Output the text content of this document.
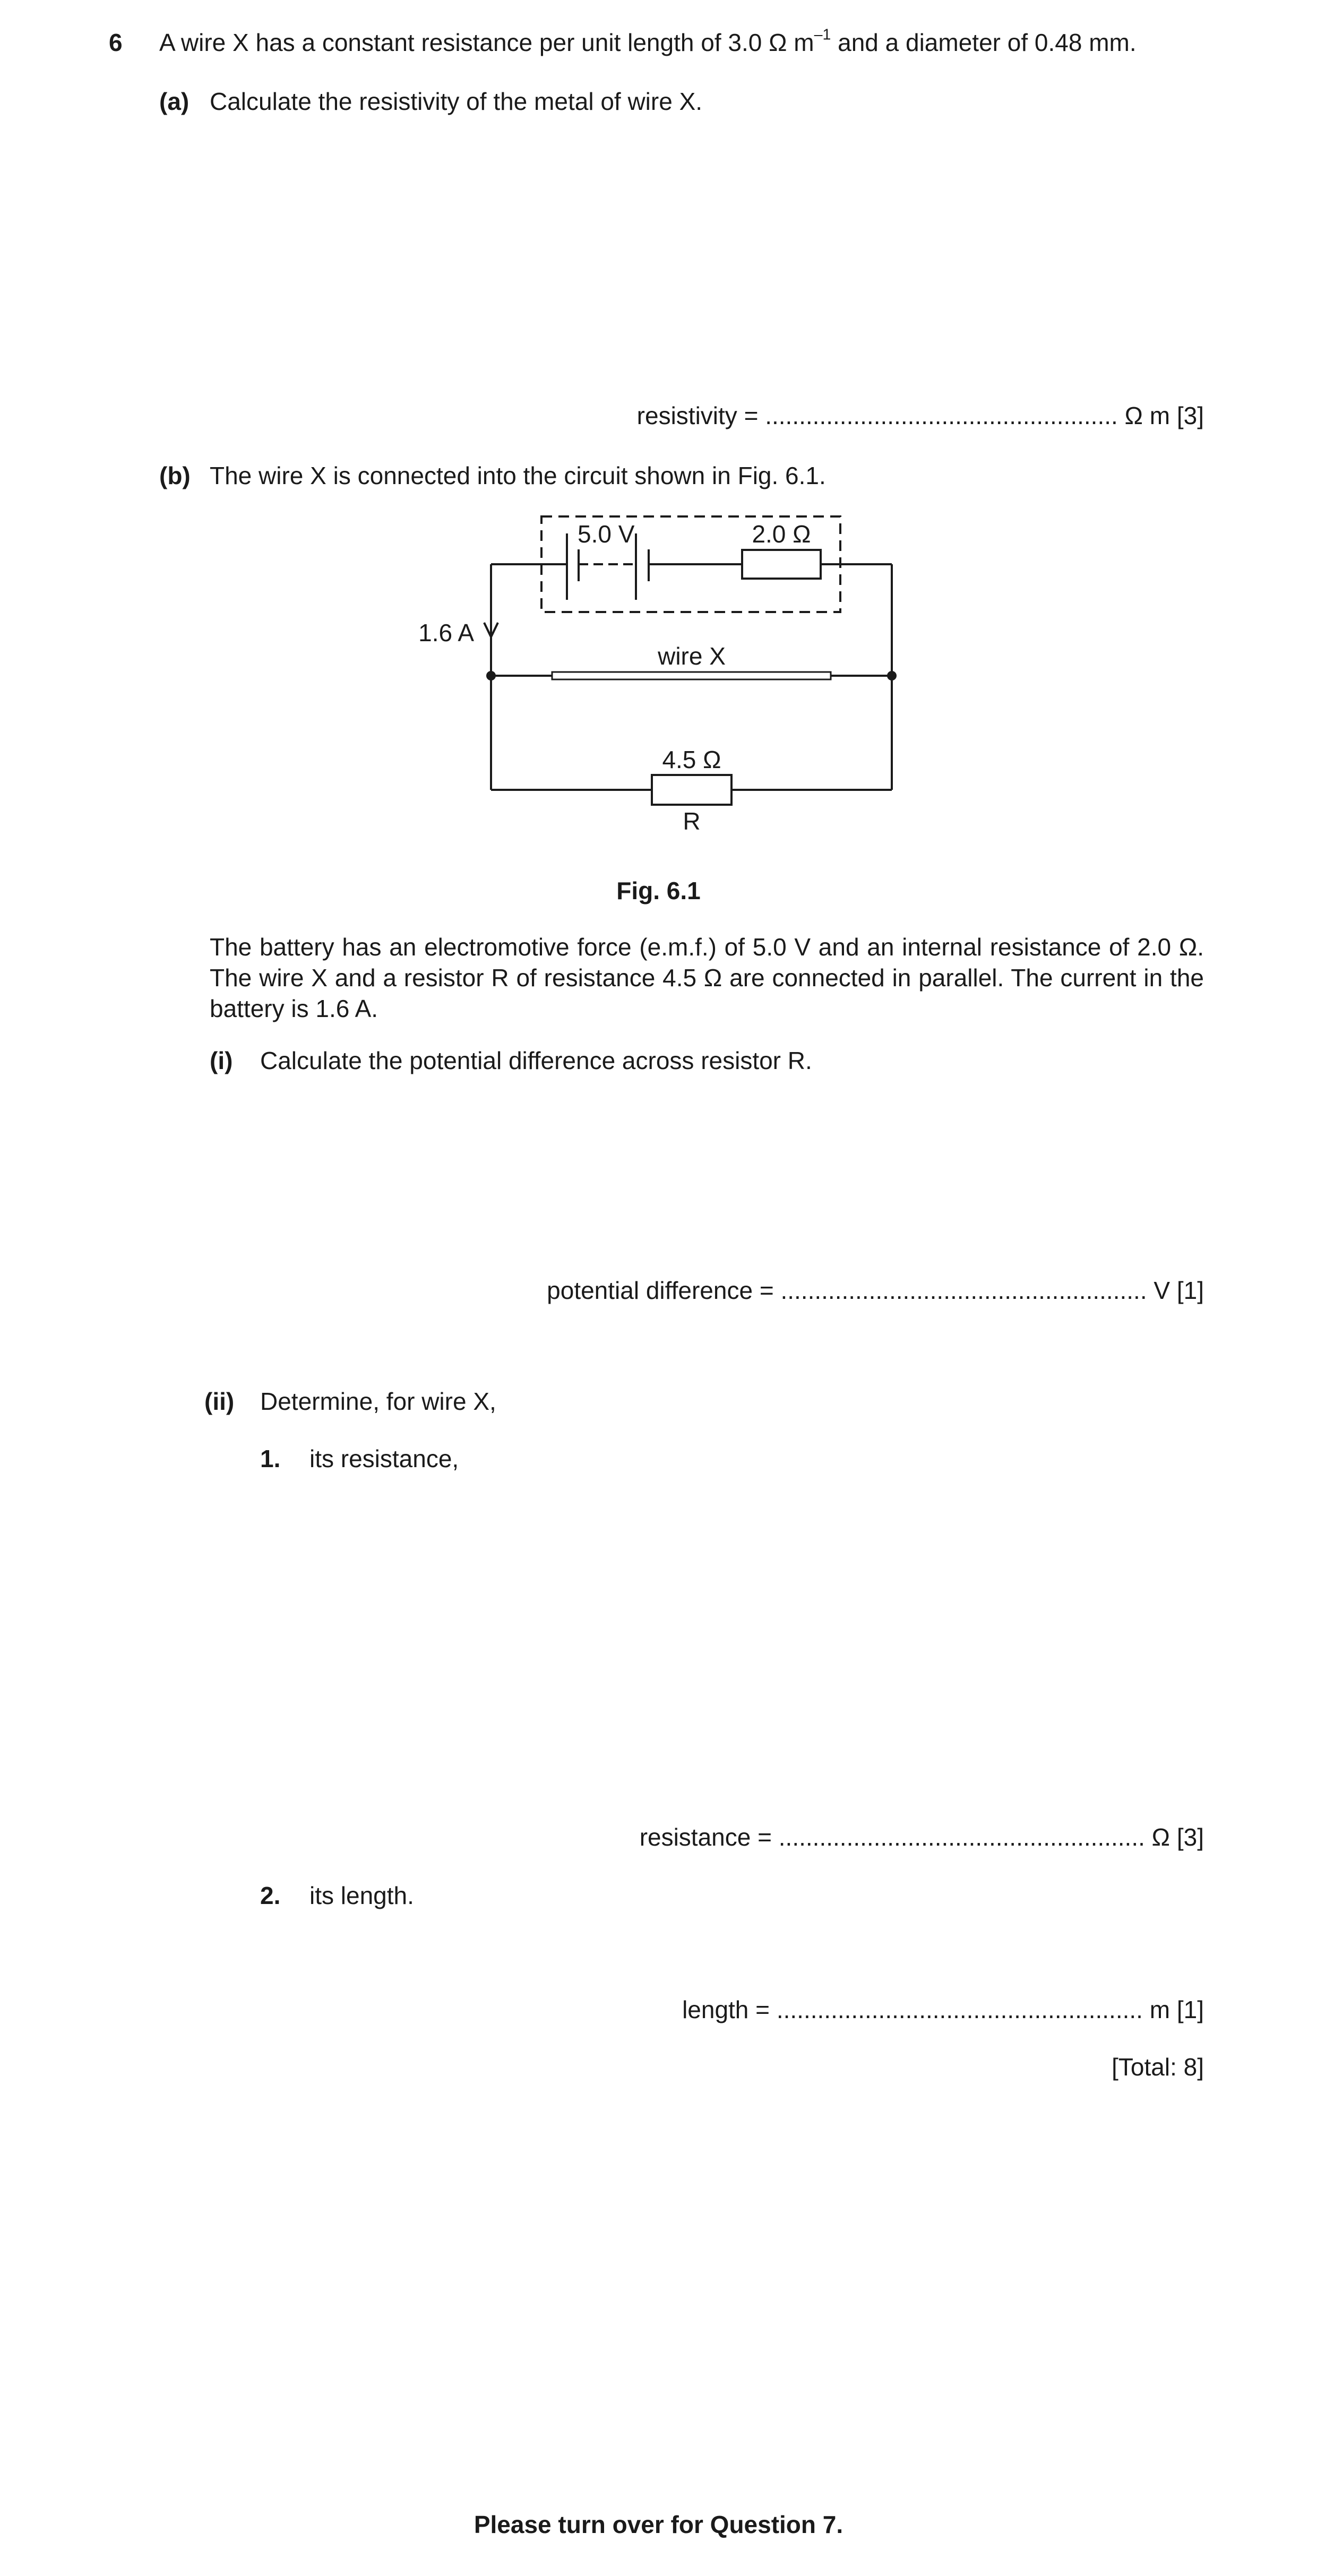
6 A wire X has a constant resistance per unit length of 3.0 Ω $m^{-1}$ and a diameter of 0.48 mm.
(a) Calculate the resistivity of the metal of wire X.
resistivity = .................................................... Ω m [3]
(b) The wire X is connected into the circuit shown in Fig. 6.1.
5.0 V	2.0 Ω
1.6 A
wire X
4.5 Ω
R
Fig. 6.1
The battery has an electromotive force (e.m.f.) of 5.0 V and an internal resistance of 2.0 Ω. The wire X and a resistor R of resistance 4.5 Ω are connected in parallel. The current in the battery is 1.6 A.
(i) Calculate the potential difference across resistor R.
potential difference = ...................................................... V [1]
(ii) Determine, for wire X,
1. its resistance,
resistance = ...................................................... Ω [3]
2. its length.
length = ...................................................... m [1]
[Total: 8]
Please turn over for Question 7.
